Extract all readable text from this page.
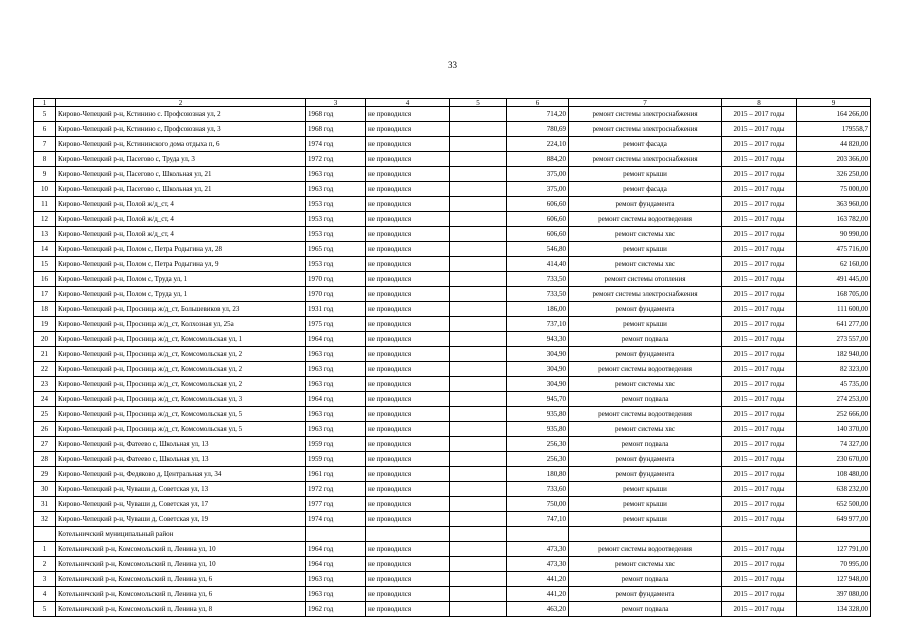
33
1	2	3	4	5	6	7	8	9
5	Кирово-Чепецкий р-н, Кстинино с. Профсоюзная ул, 2	1968 год	не проводился		714,20	ремонт системы электроснабжения	2015 – 2017 годы	164 266,00
6	Кирово-Чепецкий р-н, Кстинино с, Профсоюзная ул, 3	1968 год	не проводился		780,69	ремонт системы электроснабжения	2015 – 2017 годы	179558,7
7	Кирово-Чепецкий р-н, Кстининского дома отдыха п, 6	1974 год	не проводился		224,10	ремонт фасада	2015 – 2017 годы	44 820,00
8	Кирово-Чепецкий р-н, Пасегово с, Труда ул, 3	1972 год	не проводился		884,20	ремонт системы электроснабжения	2015 – 2017 годы	203 366,00
9	Кирово-Чепецкий р-н, Пасегово с, Школьная ул, 21	1963 год	не проводился		375,00	ремонт крыши	2015 – 2017 годы	326 250,00
10	Кирово-Чепецкий р-н, Пасегово с, Школьная ул, 21	1963 год	не проводился		375,00	ремонт фасада	2015 – 2017 годы	75 000,00
11	Кирово-Чепецкий р-н, Полой ж/д_ст, 4	1953 год	не проводился		606,60	ремонт фундамента	2015 – 2017 годы	363 960,00
12	Кирово-Чепецкий р-н, Полой ж/д_ст, 4	1953 год	не проводился		606,60	ремонт системы водоотведения	2015 – 2017 годы	163 782,00
13	Кирово-Чепецкий р-н, Полой ж/д_ст, 4	1953 год	не проводился		606,60	ремонт системы хвс	2015 – 2017 годы	90 990,00
14	Кирово-Чепецкий р-н, Полом с, Петра Родыгина ул, 28	1965 год	не проводился		546,80	ремонт крыши	2015 – 2017 годы	475 716,00
15	Кирово-Чепецкий р-н, Полом с, Петра Родыгина ул, 9	1953 год	не проводился		414,40	ремонт системы хвс	2015 – 2017 годы	62 160,00
16	Кирово-Чепецкий р-н, Полом с, Труда ул, 1	1970 год	не проводился		733,50	ремонт системы отопления	2015 – 2017 годы	491 445,00
17	Кирово-Чепецкий р-н, Полом с, Труда ул, 1	1970 год	не проводился		733,50	ремонт системы электроснабжения	2015 – 2017 годы	168 705,00
18	Кирово-Чепецкий р-н, Просница ж/д_ст, Большевиков ул, 23	1931 год	не проводился		186,00	ремонт фундамента	2015 – 2017 годы	111 600,00
19	Кирово-Чепецкий р-н, Просница ж/д_ст, Колхозная ул, 25а	1975 год	не проводился		737,10	ремонт крыши	2015 – 2017 годы	641 277,00
20	Кирово-Чепецкий р-н, Просница ж/д_ст, Комсомольская ул, 1	1964 год	не проводился		943,30	ремонт подвала	2015 – 2017 годы	273 557,00
21	Кирово-Чепецкий р-н, Просница ж/д_ст, Комсомольская ул, 2	1963 год	не проводился		304,90	ремонт фундамента	2015 – 2017 годы	182 940,00
22	Кирово-Чепецкий р-н, Просница ж/д_ст, Комсомольская ул, 2	1963 год	не проводился		304,90	ремонт системы водоотведения	2015 – 2017 годы	82 323,00
23	Кирово-Чепецкий р-н, Просница ж/д_ст, Комсомольская ул, 2	1963 год	не проводился		304,90	ремонт системы хвс	2015 – 2017 годы	45 735,00
24	Кирово-Чепецкий р-н, Просница ж/д_ст, Комсомольская ул, 3	1964 год	не проводился		945,70	ремонт подвала	2015 – 2017 годы	274 253,00
25	Кирово-Чепецкий р-н, Просница ж/д_ст, Комсомольская ул, 5	1963 год	не проводился		935,80	ремонт системы водоотведения	2015 – 2017 годы	252 666,00
26	Кирово-Чепецкий р-н, Просница ж/д_ст, Комсомольская ул, 5	1963 год	не проводился		935,80	ремонт системы хвс	2015 – 2017 годы	140 370,00
27	Кирово-Чепецкий р-н, Фатеево с, Школьная ул, 13	1959 год	не проводился		256,30	ремонт подвала	2015 – 2017 годы	74 327,00
28	Кирово-Чепецкий р-н, Фатеево с, Школьная ул, 13	1959 год	не проводился		256,30	ремонт фундамента	2015 – 2017 годы	230 670,00
29	Кирово-Чепецкий р-н, Федяково д, Центральная ул, 34	1961 год	не проводился		180,80	ремонт фундамента	2015 – 2017 годы	108 480,00
30	Кирово-Чепецкий р-н, Чуваши д, Советская ул, 13	1972 год	не проводился		733,60	ремонт крыши	2015 – 2017 годы	638 232,00
31	Кирово-Чепецкий р-н, Чуваши д, Советская ул, 17	1977 год	не проводился		750,00	ремонт крыши	2015 – 2017 годы	652 500,00
32	Кирово-Чепецкий р-н, Чуваши д, Советская ул, 19	1974 год	не проводился		747,10	ремонт крыши	2015 – 2017 годы	649 977,00
	Котельничский муниципальный район							
1	Котельничский р-н, Комсомольский п, Ленина ул, 10	1964 год	не проводился		473,30	ремонт системы водоотведения	2015 – 2017 годы	127 791,00
2	Котельничский р-н, Комсомольский п, Ленина ул, 10	1964 год	не проводился		473,30	ремонт системы хвс	2015 – 2017 годы	70 995,00
3	Котельничский р-н, Комсомольский п, Ленина ул, 6	1963 год	не проводился		441,20	ремонт подвала	2015 – 2017 годы	127 948,00
4	Котельничский р-н, Комсомольский п, Ленина ул, 6	1963 год	не проводился		441,20	ремонт фундамента	2015 – 2017 годы	397 080,00
5	Котельничский р-н, Комсомольский п, Ленина ул, 8	1962 год	не проводился		463,20	ремонт подвала	2015 – 2017 годы	134 328,00
